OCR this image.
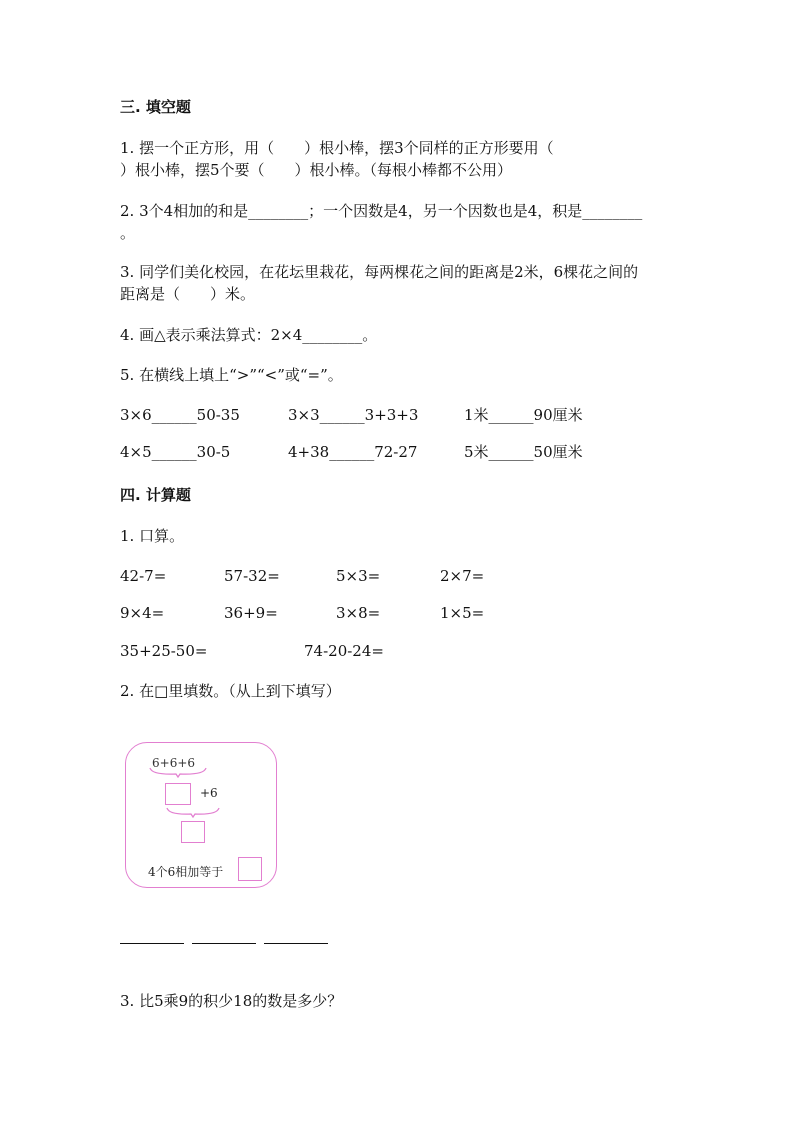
三. 填空题
1. 摆一个正方形，用（　　）根小棒，摆3个同样的正方形要用（
）根小棒，摆5个要（　　）根小棒。（每根小棒都不公用）
2. 3个4相加的和是________；一个因数是4，另一个因数也是4，积是________
。
3. 同学们美化校园，在花坛里栽花，每两棵花之间的距离是2米，6棵花之间的
距离是（　　）米。
4. 画△表示乘法算式：2×4________。
5. 在横线上填上“>”“<”或“=”。
3×6______50-35	3×3______3+3+3	1米______90厘米
4×5______30-5	4+38______72-27	5米______50厘米
四. 计算题
1. 口算。
42-7=	57-32=	5×3=	2×7=
9×4=	36+9=	3×8=	1×5=
35+25-50=	74-20-24=
2. 在□里填数。（从上到下填写）
6+6+6
+6
4个6相加等于
3. 比5乘9的积少18的数是多少？
